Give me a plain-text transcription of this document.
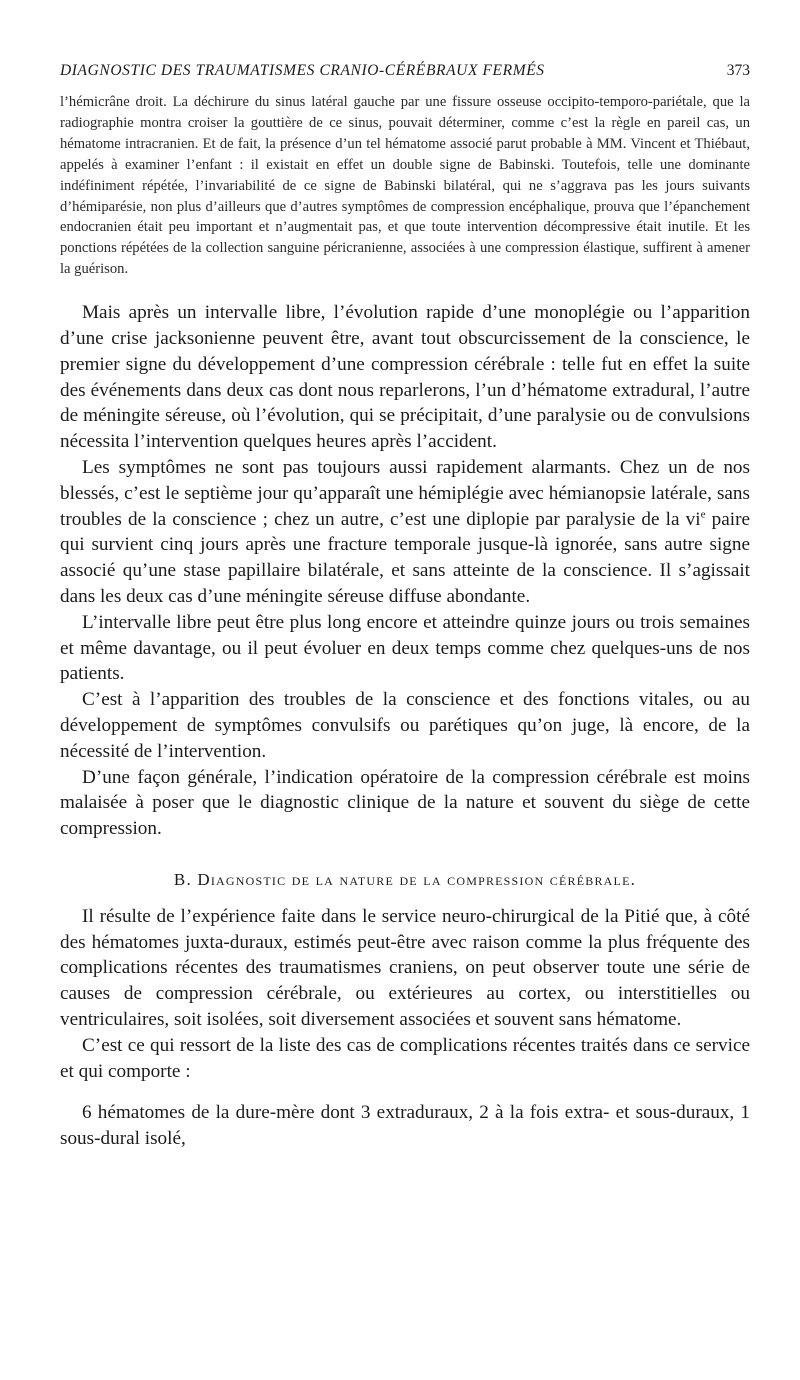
DIAGNOSTIC DES TRAUMATISMES CRANIO-CÉRÉBRAUX FERMÉS	373

l’hémicrâne droit. La déchirure du sinus latéral gauche par une fissure osseuse occipito-temporo-pariétale, que la radiographie montra croiser la gouttière de ce sinus, pouvait déterminer, comme c’est la règle en pareil cas, un hématome intracranien. Et de fait, la présence d’un tel hématome associé parut probable à MM. Vincent et Thiébaut, appelés à examiner l’enfant : il existait en effet un double signe de Babinski. Toutefois, telle une dominante indéfiniment répétée, l’invariabilité de ce signe de Babinski bilatéral, qui ne s’aggrava pas les jours suivants d’hémiparésie, non plus d’ailleurs que d’autres symptômes de compression encéphalique, prouva que l’épanchement endocranien était peu important et n’augmentait pas, et que toute intervention décompressive était inutile. Et les ponctions répétées de la collection sanguine péricranienne, associées à une compression élastique, suffirent à amener la guérison.

Mais après un intervalle libre, l’évolution rapide d’une monoplégie ou l’apparition d’une crise jacksonienne peuvent être, avant tout obscurcissement de la conscience, le premier signe du développement d’une compression cérébrale : telle fut en effet la suite des événements dans deux cas dont nous reparlerons, l’un d’hématome extradural, l’autre de méningite séreuse, où l’évolution, qui se précipitait, d’une paralysie ou de convulsions nécessita l’intervention quelques heures après l’accident.

Les symptômes ne sont pas toujours aussi rapidement alarmants. Chez un de nos blessés, c’est le septième jour qu’apparaît une hémiplégie avec hémianopsie latérale, sans troubles de la conscience ; chez un autre, c’est une diplopie par paralysie de la $vi^e$ paire qui survient cinq jours après une fracture temporale jusque-là ignorée, sans autre signe associé qu’une stase papillaire bilatérale, et sans atteinte de la conscience. Il s’agissait dans les deux cas d’une méningite séreuse diffuse abondante.

L’intervalle libre peut être plus long encore et atteindre quinze jours ou trois semaines et même davantage, ou il peut évoluer en deux temps comme chez quelques-uns de nos patients.

C’est à l’apparition des troubles de la conscience et des fonctions vitales, ou au développement de symptômes convulsifs ou parétiques qu’on juge, là encore, de la nécessité de l’intervention.

D’une façon générale, l’indication opératoire de la compression cérébrale est moins malaisée à poser que le diagnostic clinique de la nature et souvent du siège de cette compression.

B. Diagnostic de la nature de la compression cérébrale.

Il résulte de l’expérience faite dans le service neuro-chirurgical de la Pitié que, à côté des hématomes juxta-duraux, estimés peut-être avec raison comme la plus fréquente des complications récentes des traumatismes craniens, on peut observer toute une série de causes de compression cérébrale, ou extérieures au cortex, ou interstitielles ou ventriculaires, soit isolées, soit diversement associées et souvent sans hématome.

C’est ce qui ressort de la liste des cas de complications récentes traités dans ce service et qui comporte :

6 hématomes de la dure-mère dont 3 extraduraux, 2 à la fois extra- et sous-duraux, 1 sous-dural isolé,
